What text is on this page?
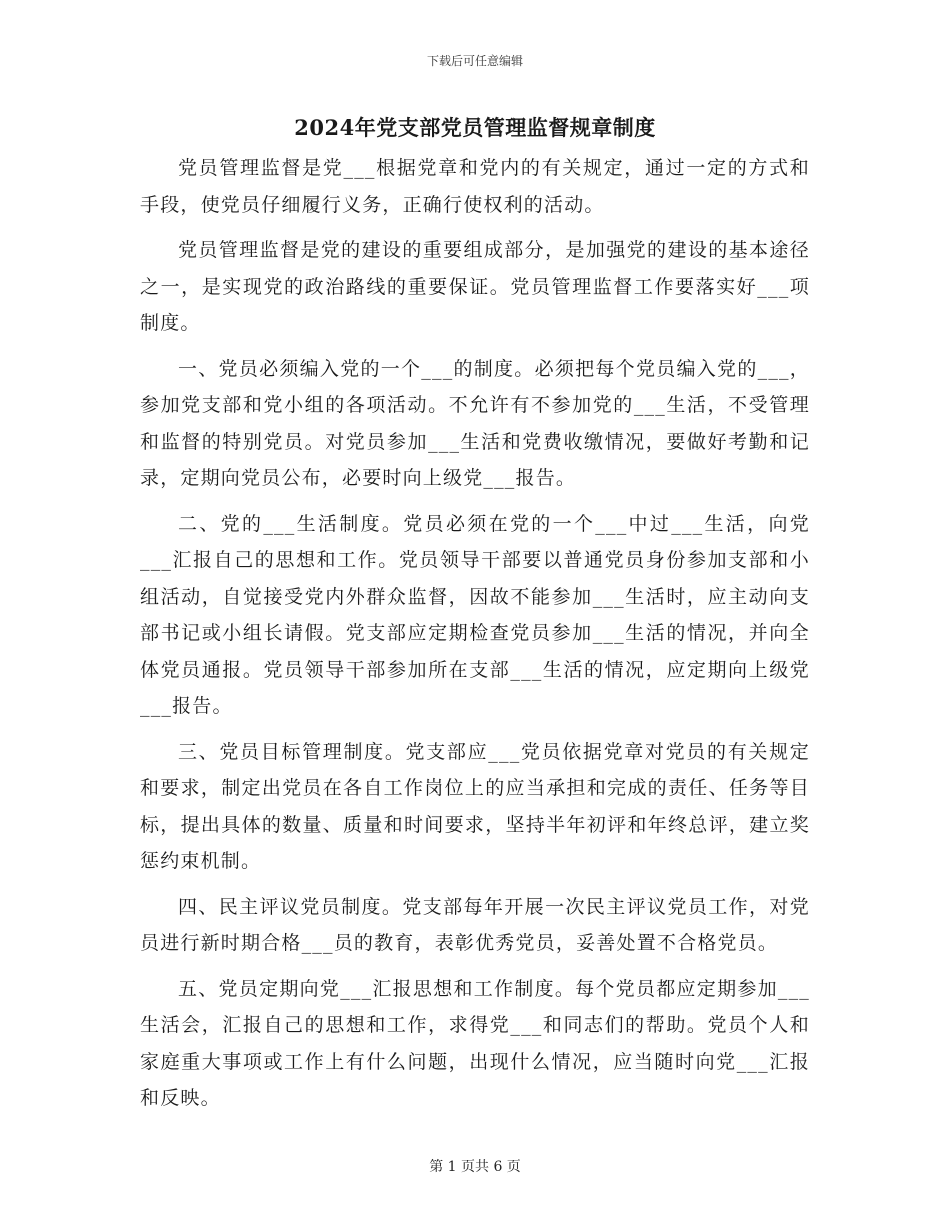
下载后可任意编辑
2024年党支部党员管理监督规章制度

党员管理监督是党___根据党章和党内的有关规定，通过一定的方式和手段，使党员仔细履行义务，正确行使权利的活动。

党员管理监督是党的建设的重要组成部分，是加强党的建设的基本途径之一，是实现党的政治路线的重要保证。党员管理监督工作要落实好___项制度。

一、党员必须编入党的一个___的制度。必须把每个党员编入党的___，参加党支部和党小组的各项活动。不允许有不参加党的___生活，不受管理和监督的特别党员。对党员参加___生活和党费收缴情况，要做好考勤和记录，定期向党员公布，必要时向上级党___报告。

二、党的___生活制度。党员必须在党的一个___中过___生活，向党___汇报自己的思想和工作。党员领导干部要以普通党员身份参加支部和小组活动，自觉接受党内外群众监督，因故不能参加___生活时，应主动向支部书记或小组长请假。党支部应定期检查党员参加___生活的情况，并向全体党员通报。党员领导干部参加所在支部___生活的情况，应定期向上级党___报告。

三、党员目标管理制度。党支部应___党员依据党章对党员的有关规定和要求，制定出党员在各自工作岗位上的应当承担和完成的责任、任务等目标，提出具体的数量、质量和时间要求，坚持半年初评和年终总评，建立奖惩约束机制。

四、民主评议党员制度。党支部每年开展一次民主评议党员工作，对党员进行新时期合格___员的教育，表彰优秀党员，妥善处置不合格党员。

五、党员定期向党___汇报思想和工作制度。每个党员都应定期参加___生活会，汇报自己的思想和工作，求得党___和同志们的帮助。党员个人和家庭重大事项或工作上有什么问题，出现什么情况，应当随时向党___汇报和反映。

第 1 页共 6 页
